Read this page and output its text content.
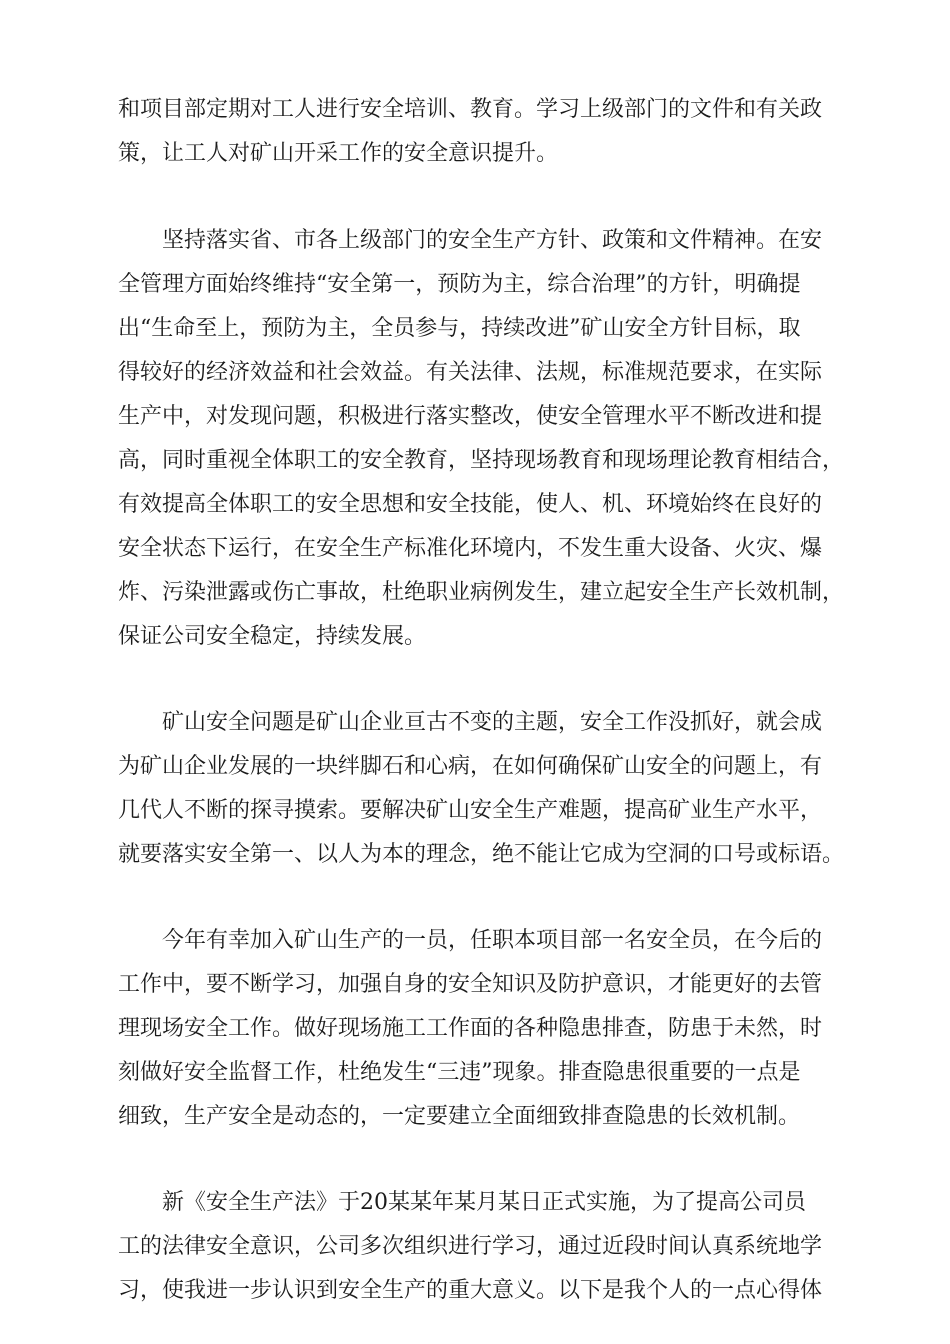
和项目部定期对工人进行安全培训、教育。学习上级部门的文件和有关政
策，让工人对矿山开采工作的安全意识提升。
坚持落实省、市各上级部门的安全生产方针、政策和文件精神。在安
全管理方面始终维持“安全第一，预防为主，综合治理”的方针，明确提
出“生命至上，预防为主，全员参与，持续改进”矿山安全方针目标，取
得较好的经济效益和社会效益。有关法律、法规，标准规范要求，在实际
生产中，对发现问题，积极进行落实整改，使安全管理水平不断改进和提
高，同时重视全体职工的安全教育，坚持现场教育和现场理论教育相结合，
有效提高全体职工的安全思想和安全技能，使人、机、环境始终在良好的
安全状态下运行，在安全生产标准化环境内，不发生重大设备、火灾、爆
炸、污染泄露或伤亡事故，杜绝职业病例发生，建立起安全生产长效机制，
保证公司安全稳定，持续发展。
矿山安全问题是矿山企业亘古不变的主题，安全工作没抓好，就会成
为矿山企业发展的一块绊脚石和心病，在如何确保矿山安全的问题上，有
几代人不断的探寻摸索。要解决矿山安全生产难题，提高矿业生产水平，
就要落实安全第一、以人为本的理念，绝不能让它成为空洞的口号或标语。
今年有幸加入矿山生产的一员，任职本项目部一名安全员，在今后的
工作中，要不断学习，加强自身的安全知识及防护意识，才能更好的去管
理现场安全工作。做好现场施工工作面的各种隐患排查，防患于未然，时
刻做好安全监督工作，杜绝发生“三违”现象。排查隐患很重要的一点是
细致，生产安全是动态的，一定要建立全面细致排查隐患的长效机制。
新《安全生产法》于20某某年某月某日正式实施，为了提高公司员
工的法律安全意识，公司多次组织进行学习，通过近段时间认真系统地学
习，使我进一步认识到安全生产的重大意义。以下是我个人的一点心得体
